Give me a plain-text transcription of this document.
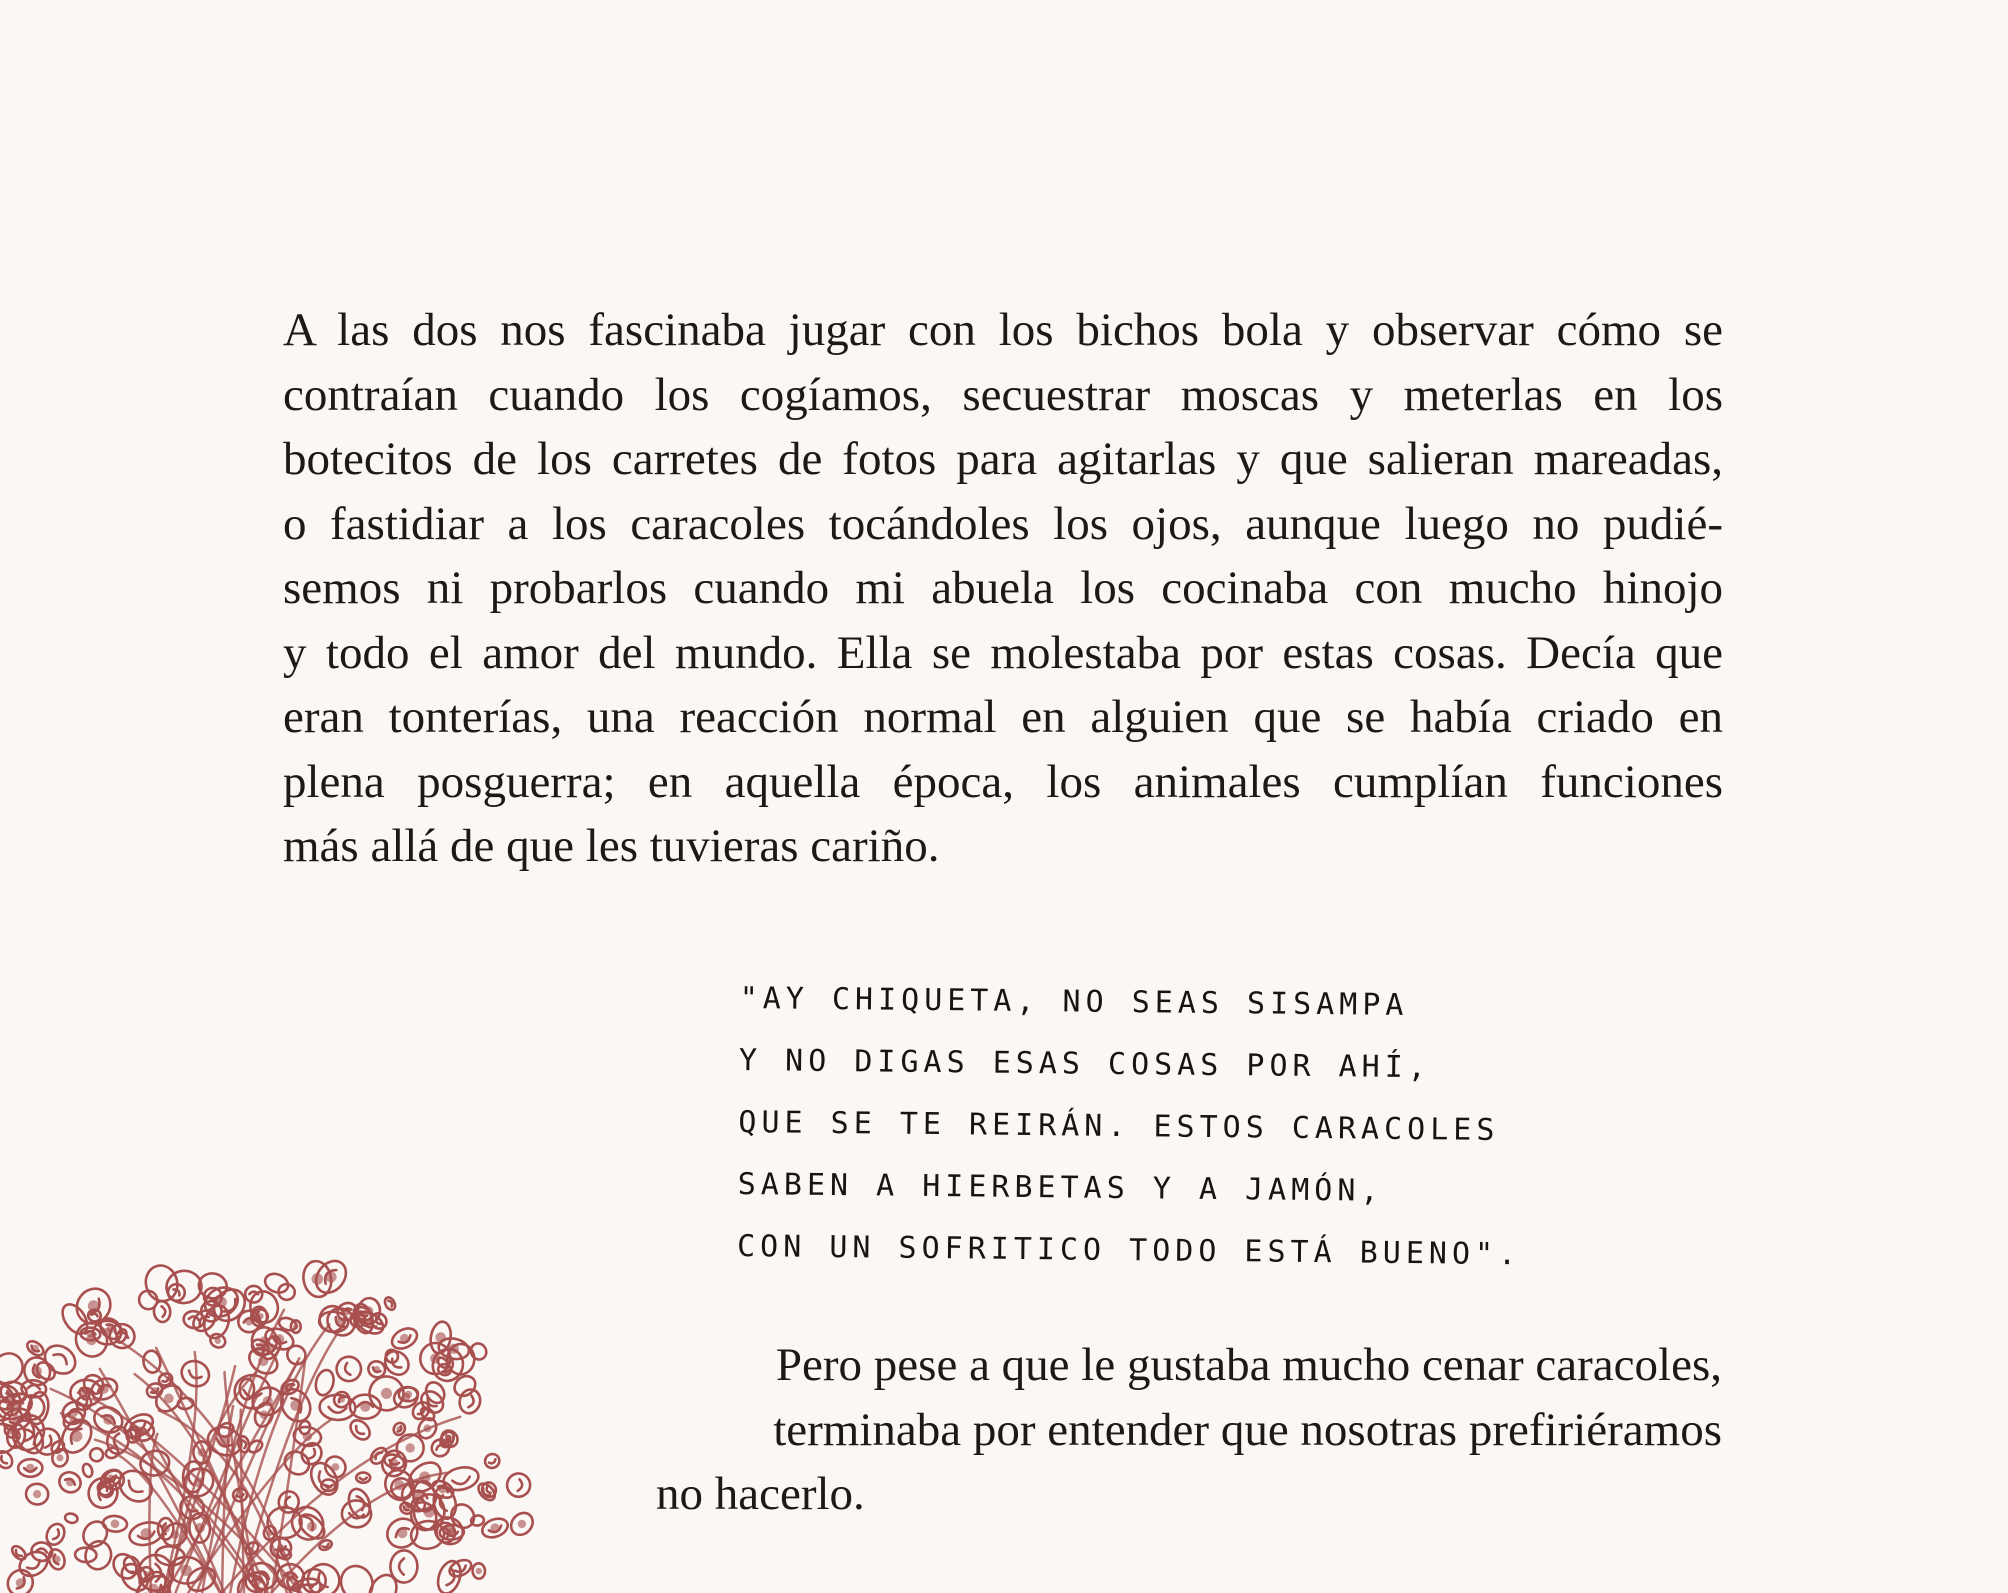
A las dos nos fascinaba jugar con los bichos bola y observar cómo se
contraían cuando los cogíamos, secuestrar moscas y meterlas en los
botecitos de los carretes de fotos para agitarlas y que salieran mareadas,
o fastidiar a los caracoles tocándoles los ojos, aunque luego no pudié-
semos ni probarlos cuando mi abuela los cocinaba con mucho hinojo
y todo el amor del mundo. Ella se molestaba por estas cosas. Decía que
eran tonterías, una reacción normal en alguien que se había criado en
plena posguerra; en aquella época, los animales cumplían funciones
más allá de que les tuvieras cariño.
"AY CHIQUETA, NO SEAS SISAMPA
Y NO DIGAS ESAS COSAS POR AHÍ,
QUE SE TE REIRÁN. ESTOS CARACOLES
SABEN A HIERBETAS Y A JAMÓN,
CON UN SOFRITICO TODO ESTÁ BUENO".
Pero pese a que le gustaba mucho cenar caracoles,
terminaba por entender que nosotras prefiriéramos
no hacerlo.
